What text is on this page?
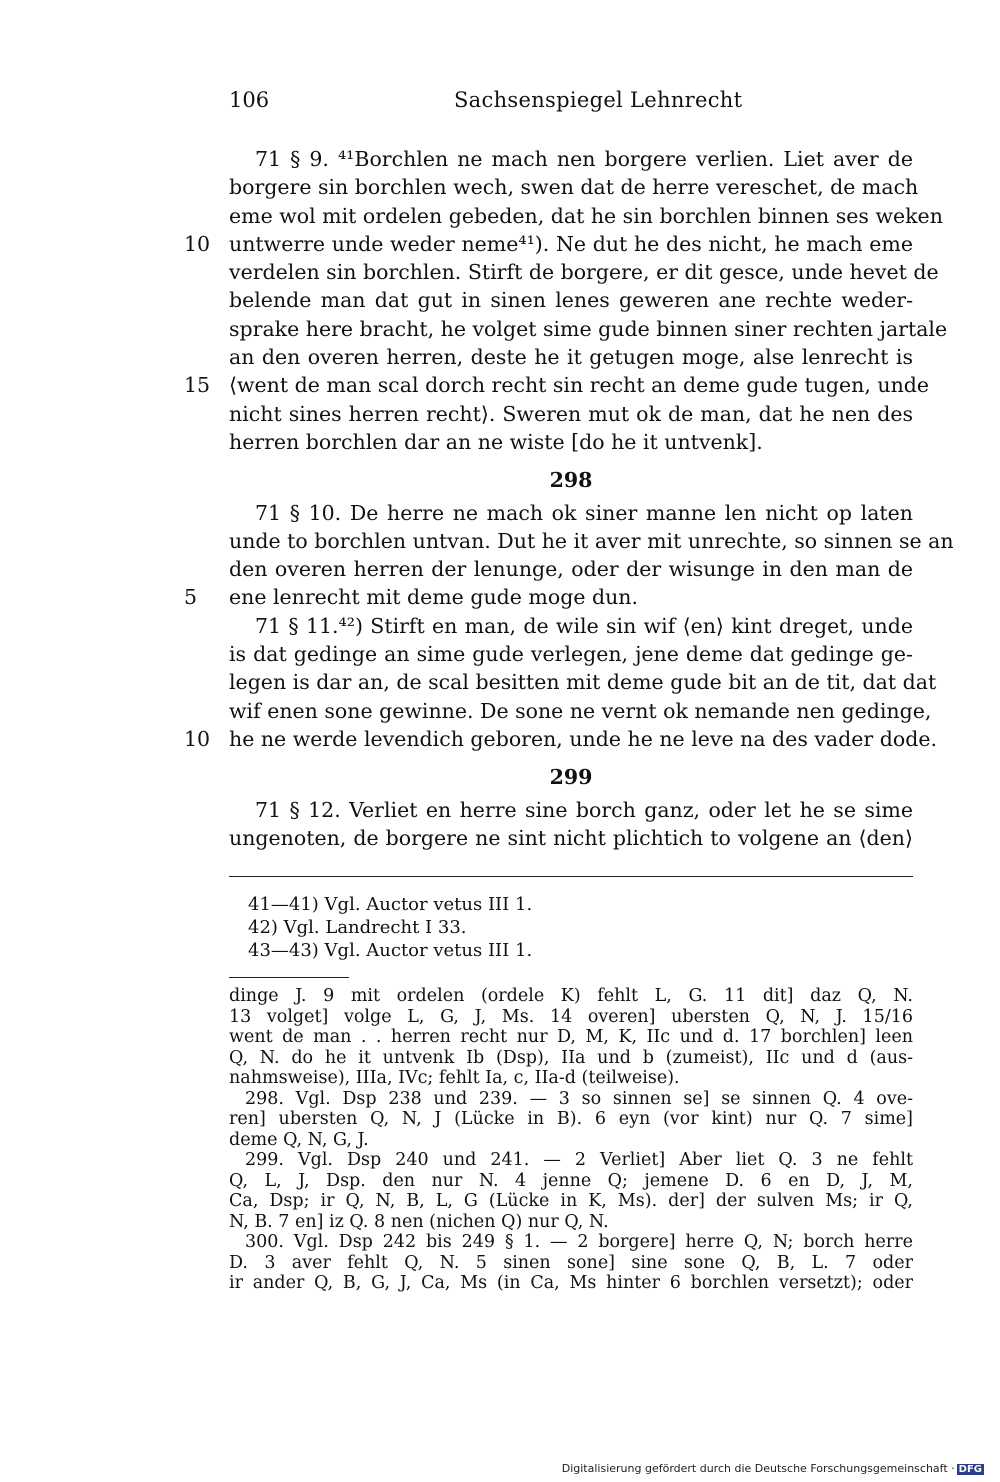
106	Sachsenspiegel Lehnrecht
71 § 9. ⁴¹Borchlen ne mach nen borgere verlien. Liet aver de
borgere sin borchlen wech, swen dat de herre vereschet, de mach
eme wol mit ordelen gebeden, dat he sin borchlen binnen ses weken
10 untwerre unde weder neme⁴¹). Ne dut he des nicht, he mach eme
verdelen sin borchlen. Stirft de borgere, er dit gesce, unde hevet de
belende man dat gut in sinen lenes geweren ane rechte weder-
sprake here bracht, he volget sime gude binnen siner rechten jartale
an den overen herren, deste he it getugen moge, alse lenrecht is
15 ⟨went de man scal dorch recht sin recht an deme gude tugen, unde
nicht sines herren recht⟩. Sweren mut ok de man, dat he nen des
herren borchlen dar an ne wiste [do he it untvenk].
298
71 § 10. De herre ne mach ok siner manne len nicht op laten
unde to borchlen untvan. Dut he it aver mit unrechte, so sinnen se an
den overen herren der lenunge, oder der wisunge in den man de
5	ene lenrecht mit deme gude moge dun.
71 § 11.⁴²) Stirft en man, de wile sin wif ⟨en⟩ kint dreget, unde
is dat gedinge an sime gude verlegen, jene deme dat gedinge ge-
legen is dar an, de scal besitten mit deme gude bit an de tit, dat dat
wif enen sone gewinne. De sone ne vernt ok nemande nen gedinge,
10 he ne werde levendich geboren, unde he ne leve na des vader dode.
299
71 § 12. Verliet en herre sine borch ganz, oder let he se sime
ungenoten, de borgere ne sint nicht plichtich to volgene an ⟨den⟩
41—41) Vgl. Auctor vetus III 1.
42) Vgl. Landrecht I 33.
43—43) Vgl. Auctor vetus III 1.
dinge J. 9 mit ordelen (ordele K) fehlt L, G. 11 dit] daz Q, N.
13 volget] volge L, G, J, Ms. 14 overen] ubersten Q, N, J. 15/16
went de man . . herren recht nur D, M, K, IIc und d. 17 borchlen] leen
Q, N. do he it untvenk Ib (Dsp), IIa und b (zumeist), IIc und d (aus-
nahmsweise), IIIa, IVc; fehlt Ia, c, IIa-d (teilweise).
298. Vgl. Dsp 238 und 239. — 3 so sinnen se] se sinnen Q. 4 ove-
ren] ubersten Q, N, J (Lücke in B). 6 eyn (vor kint) nur Q. 7 sime]
deme Q, N, G, J.
299. Vgl. Dsp 240 und 241. — 2 Verliet] Aber liet Q. 3 ne fehlt
Q, L, J, Dsp. den nur N. 4 jenne Q; jemene D. 6 en D, J, M,
Ca, Dsp; ir Q, N, B, L, G (Lücke in K, Ms). der] der sulven Ms; ir Q,
N, B. 7 en] iz Q. 8 nen (nichen Q) nur Q, N.
300. Vgl. Dsp 242 bis 249 § 1. — 2 borgere] herre Q, N; borch herre
D. 3 aver fehlt Q, N. 5 sinen sone] sine sone Q, B, L. 7 oder
ir ander Q, B, G, J, Ca, Ms (in Ca, Ms hinter 6 borchlen versetzt); oder
Digitalisierung gefördert durch die Deutsche Forschungsgemeinschaft · DFG
